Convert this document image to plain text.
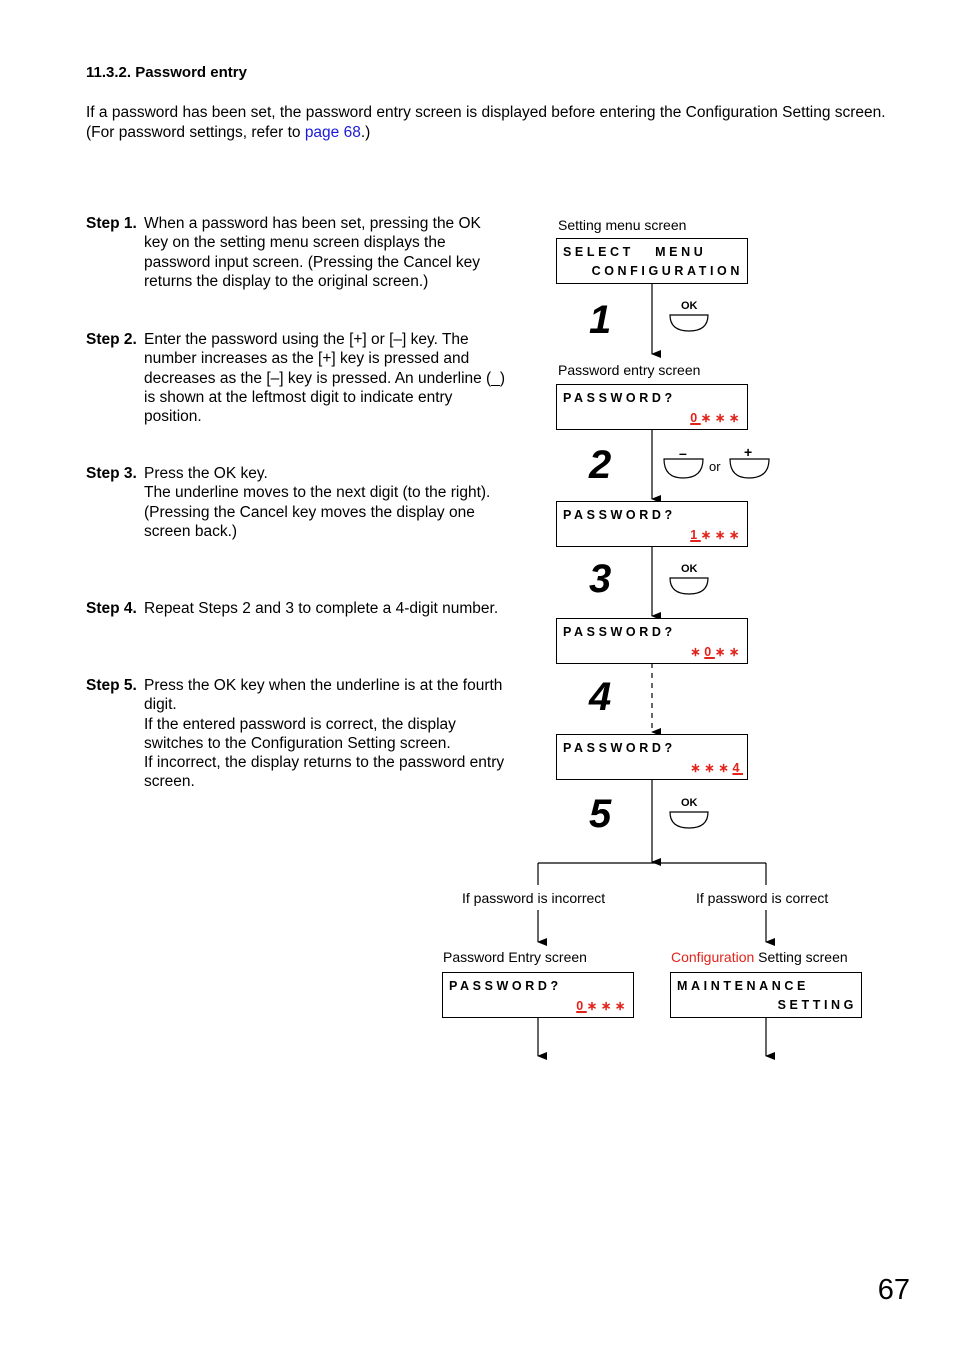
11.3.2. Password entry
If a password has been set, the password entry screen is displayed before entering the Configuration Setting screen. (For password settings, refer to page 68.)
Step 1. When a password has been set, pressing the OK key on the setting menu screen displays the password input screen. (Pressing the Cancel key returns the display to the original screen.)
Step 2. Enter the password using the [+] or [–] key. The number increases as the [+] key is pressed and decreases as the [–] key is pressed. An underline (_) is shown at the leftmost digit to indicate entry position.
Step 3. Press the OK key.
The underline moves to the next digit (to the right).
(Pressing the Cancel key moves the display one screen back.)
Step 4. Repeat Steps 2 and 3 to complete a 4-digit number.
Step 5. Press the OK key when the underline is at the fourth digit.
If the entered password is correct, the display switches to the Configuration Setting screen.
If incorrect, the display returns to the password entry screen.
Setting menu screen
Password entry screen
SELECT   MENU
CONFIGURATION
PASSWORD?
0∗∗∗
PASSWORD?
1∗∗∗
PASSWORD?
∗0∗∗
PASSWORD?
∗∗∗4
1
2
3
4
5
OK
–
or
+
OK
OK
If password is incorrect	If password is correct
Password Entry screen	Configuration Setting screen
PASSWORD?
0∗∗∗
MAINTENANCE
SETTING
67
